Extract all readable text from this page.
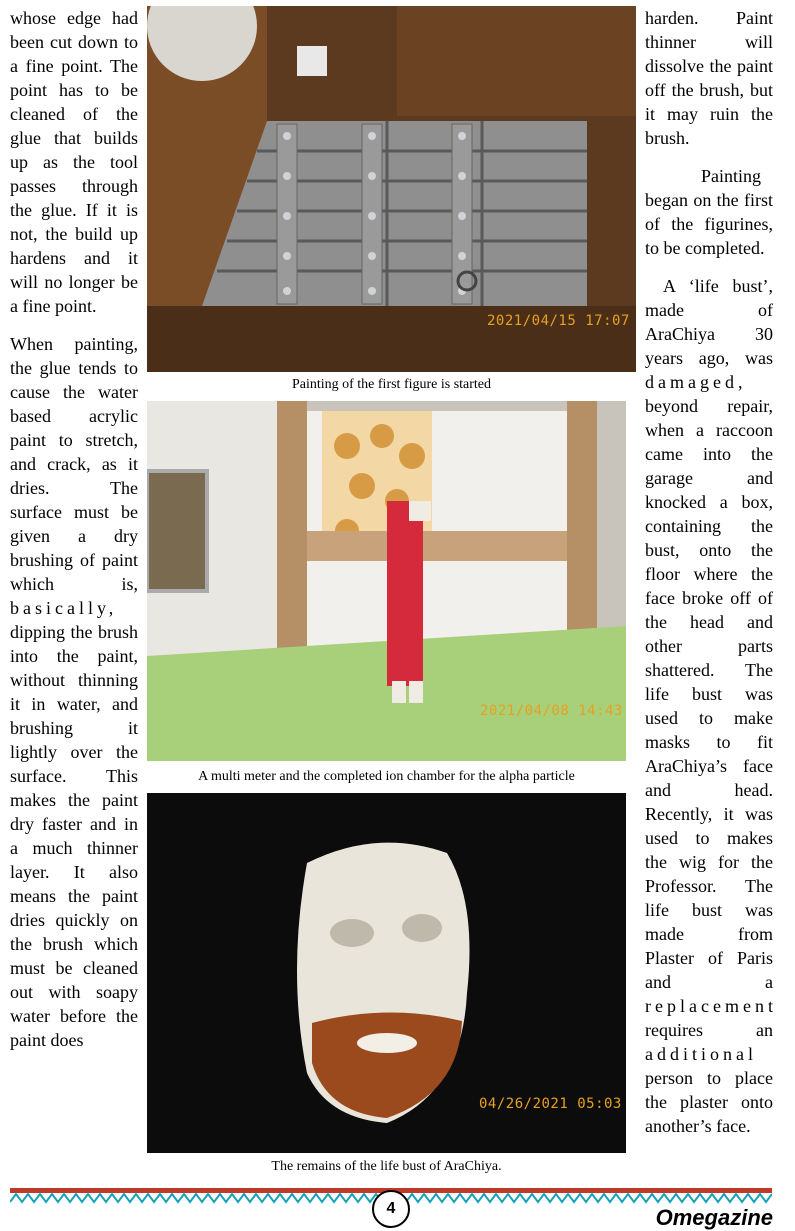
whose edge had been cut down to a fine point. The point has to be cleaned of the glue that builds up as the tool passes through the glue. If it is not, the build up hardens and it will no longer be a fine point.

When painting, the glue tends to cause the water based acrylic paint to stretch, and crack, as it dries. The surface must be given a dry brushing of paint which is, basically, dipping the brush into the paint, without thinning it in water, and brushing it lightly over the surface. This makes the paint dry faster and in a much thinner layer. It also means the paint dries quickly on the brush which must be cleaned out with soapy water before the paint does

2021/04/15 17:07
Painting of the first figure is started
2021/04/08 14:43
A multi meter and the completed ion chamber for the alpha particle
04/26/2021 05:03
The remains of the life bust of AraChiya.

harden. Paint thinner will dissolve the paint off the brush, but it may ruin the brush.

Painting began on the first of the figurines, to be completed.

A ‘life bust’, made of AraChiya 30 years ago, was damaged, beyond repair, when a raccoon came into the garage and knocked a box, containing the bust, onto the floor where the face broke off of the head and other parts shattered. The life bust was used to make masks to fit AraChiya’s face and head. Recently, it was used to makes the wig for the Professor. The life bust was made from Plaster of Paris and a replacement requires an additional person to place the plaster onto another’s face.

4	Omegazine
